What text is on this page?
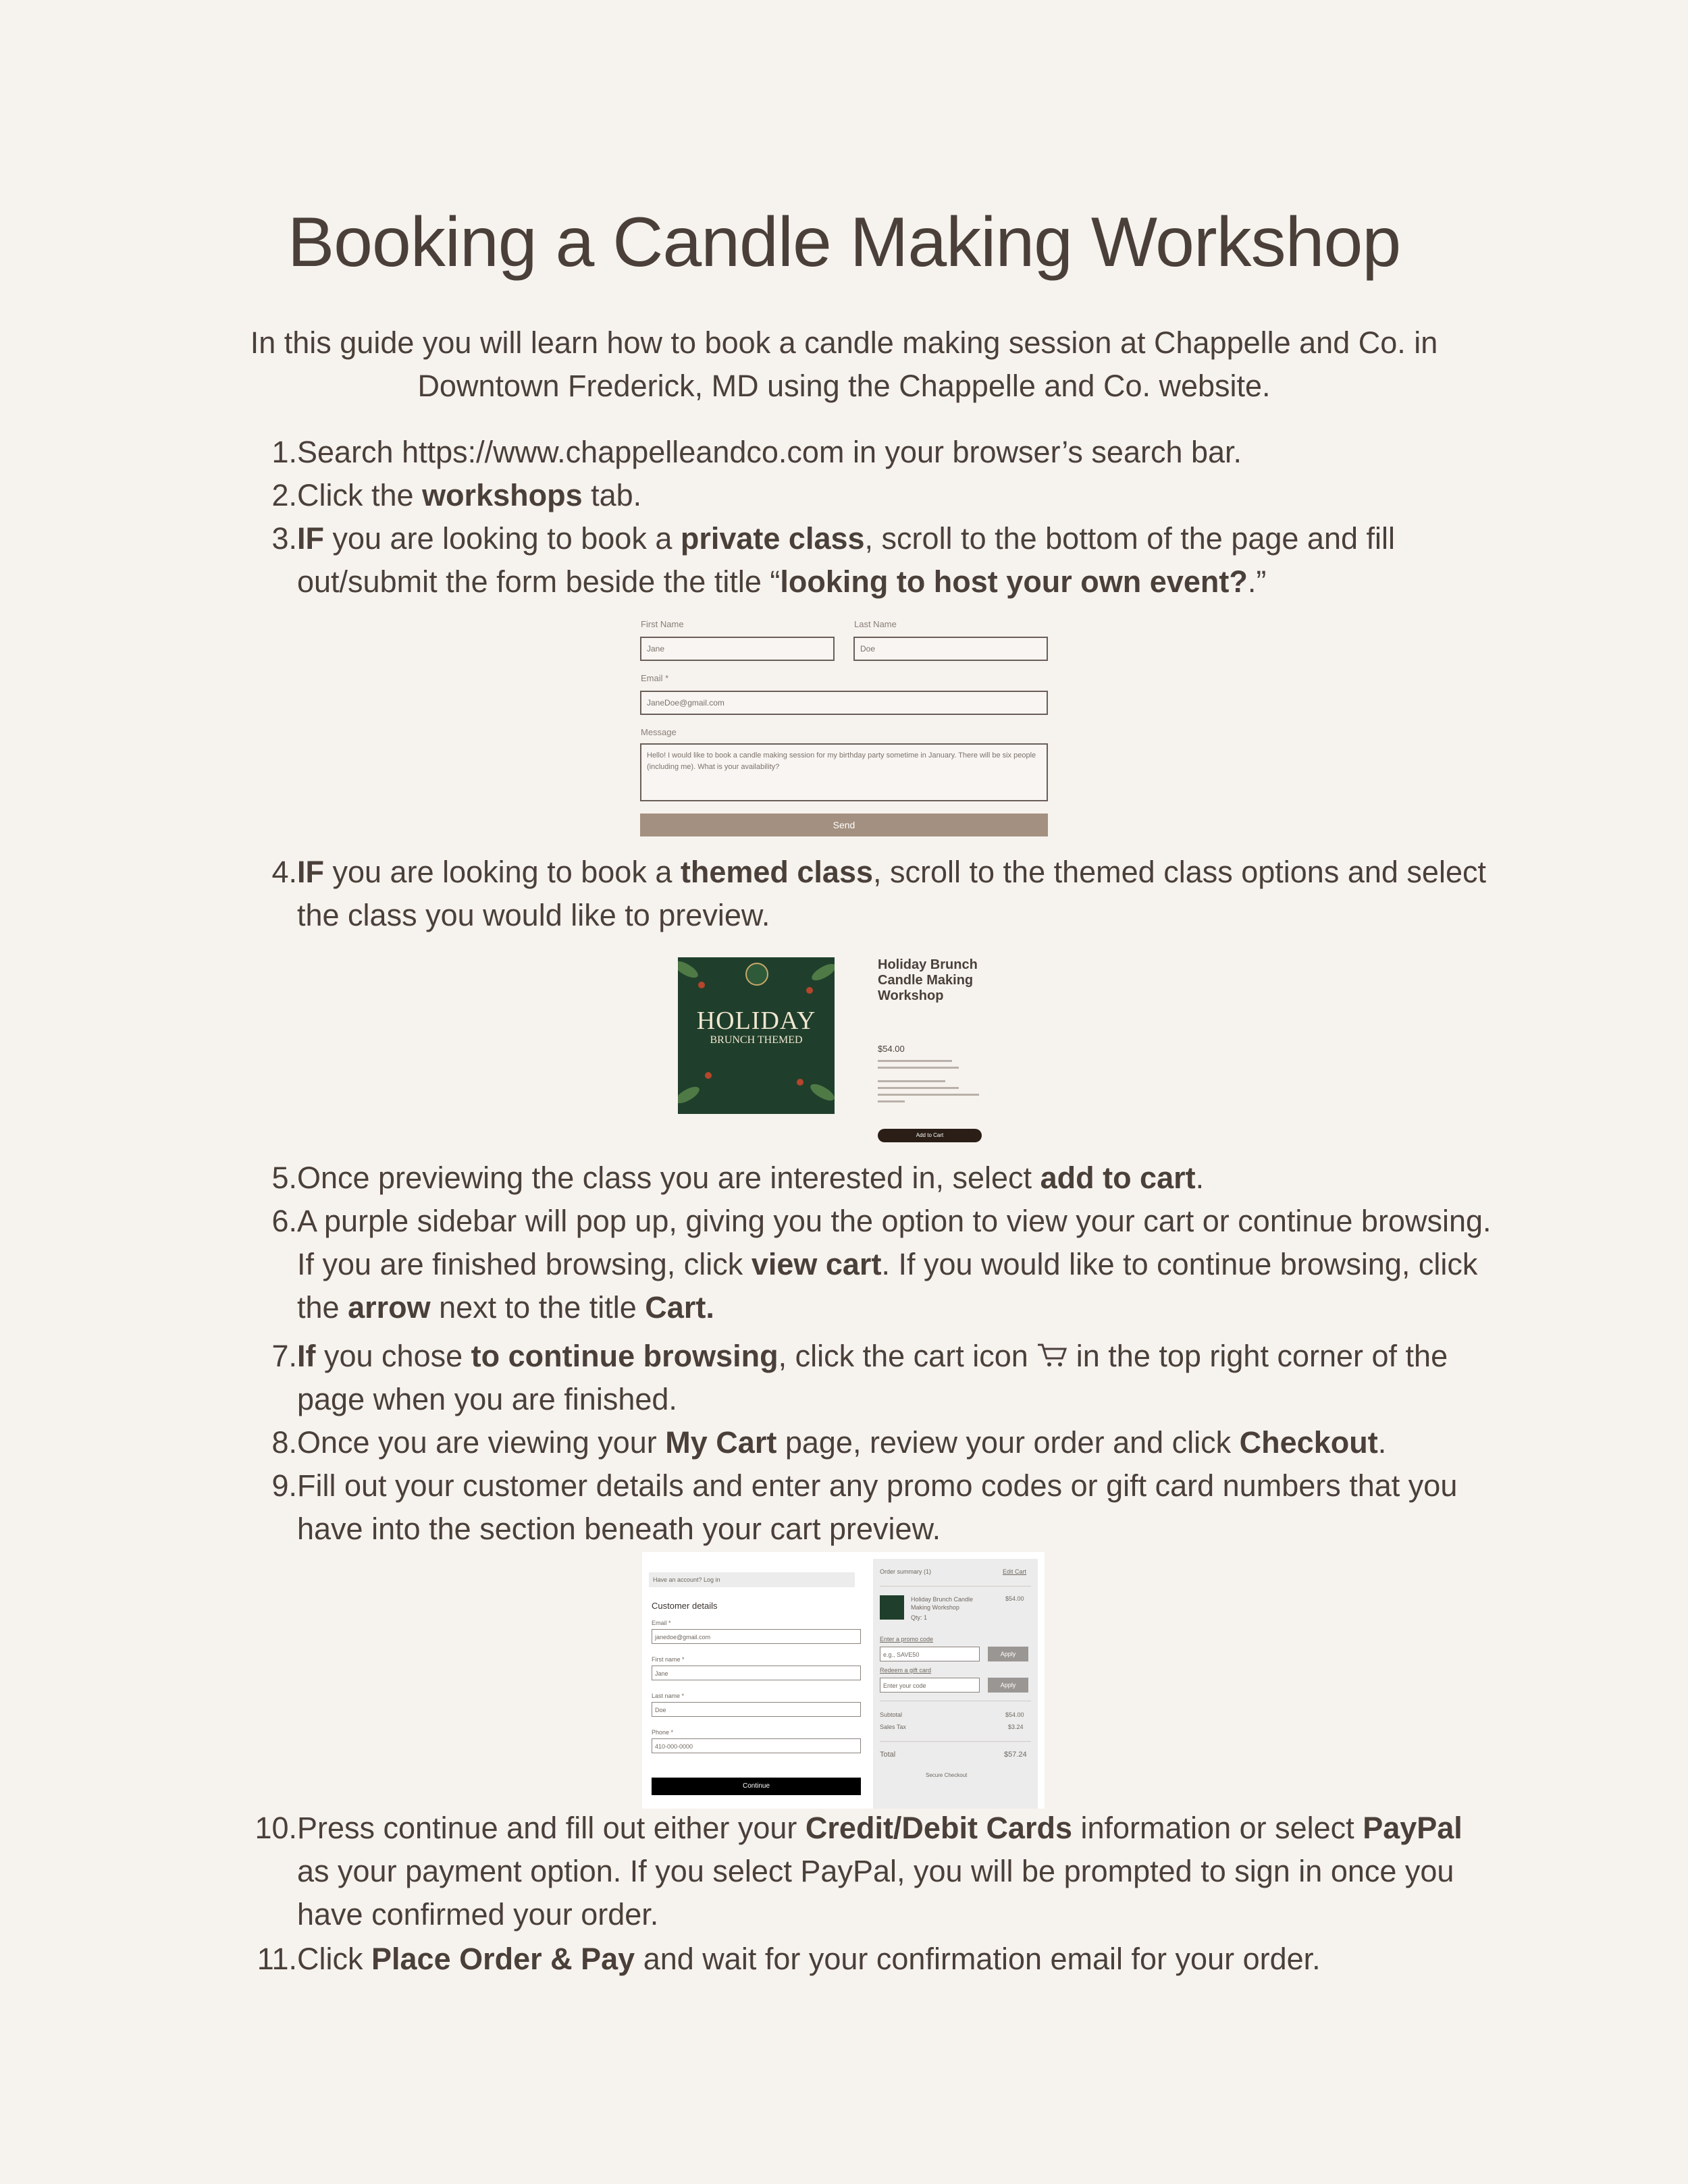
Booking a Candle Making Workshop

In this guide you will learn how to book a candle making session at Chappelle and Co. in Downtown Frederick, MD using the Chappelle and Co. website.

1. Search https://www.chappelleandco.com in your browser’s search bar.
2. Click the workshops tab.
3. IF you are looking to book a private class, scroll to the bottom of the page and fill out/submit the form beside the title “looking to host your own event?.”
First Name	Last Name
Jane	Doe
Email *
JaneDoe@gmail.com
Message
Hello! I would like to book a candle making session for my birthday party sometime in January. There will be six people (including me). What is your availability?
Send
4. IF you are looking to book a themed class, scroll to the themed class options and select the class you would like to preview.
HOLIDAY
BRUNCH THEMED
Holiday Brunch Candle Making Workshop
$54.00
Add to Cart
5. Once previewing the class you are interested in, select add to cart.
6. A purple sidebar will pop up, giving you the option to view your cart or continue browsing. If you are finished browsing, click view cart. If you would like to continue browsing, click the arrow next to the title Cart.
7. If you chose to continue browsing, click the cart icon  in the top right corner of the page when you are finished.
8. Once you are viewing your My Cart page, review your order and click Checkout.
9. Fill out your customer details and enter any promo codes or gift card numbers that you have into the section beneath your cart preview.
Have an account? Log in
Customer details
Email *
janedoe@gmail.com
First name *
Jane
Last name *
Doe
Phone *
410-000-0000
Continue
Order summary (1)	Edit Cart
Holiday Brunch Candle Making Workshop
Qty: 1
$54.00
Enter a promo code
e.g., SAVE50	Apply
Redeem a gift card
Enter your code	Apply
Subtotal	$54.00
Sales Tax	$3.24
Total	$57.24
Secure Checkout
10. Press continue and fill out either your Credit/Debit Cards information or select PayPal as your payment option. If you select PayPal, you will be prompted to sign in once you have confirmed your order.
11. Click Place Order & Pay and wait for your confirmation email for your order.
